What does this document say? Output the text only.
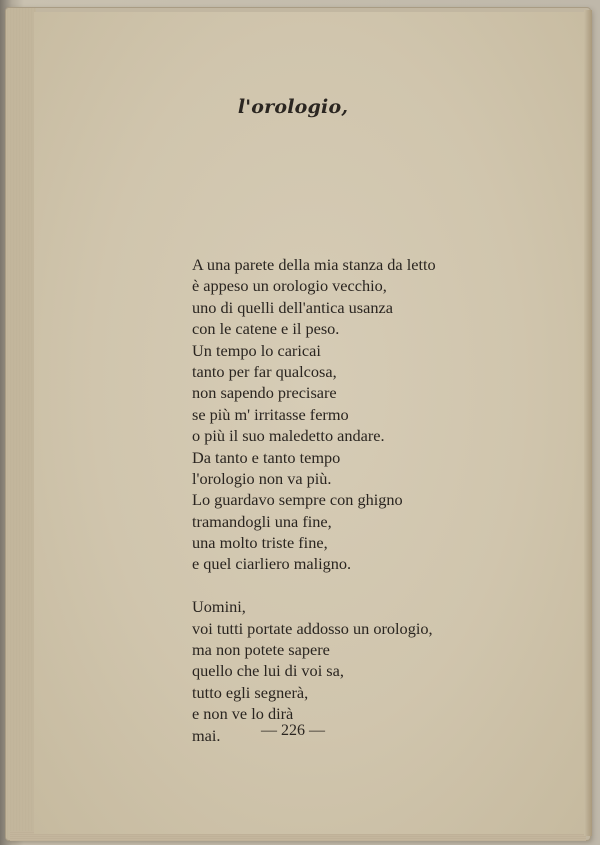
l'orologio,
A una parete della mia stanza da letto
è appeso un orologio vecchio,
uno di quelli dell'antica usanza
con le catene e il peso.
Un tempo lo caricai
tanto per far qualcosa,
non sapendo precisare
se più m' irritasse fermo
o più il suo maledetto andare.
Da tanto e tanto tempo
l'orologio non va più.
Lo guardavo sempre con ghigno
tramandogli una fine,
una molto triste fine,
e quel ciarliero maligno.
Uomini,
voi tutti portate addosso un orologio,
ma non potete sapere
quello che lui di voi sa,
tutto egli segnerà,
e non ve lo dirà
mai.	— 226 —
